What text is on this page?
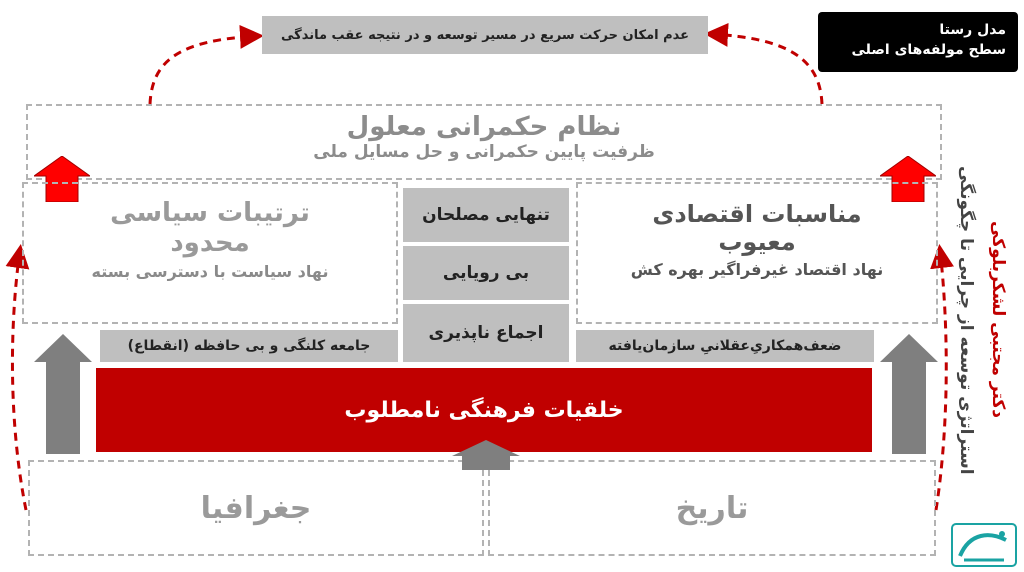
عدم امکان حرکت سریع در مسیر توسعه و در نتیجه عقب ماندگی	مدل رستا
سطح مولفه‌های اصلی
نظام حکمرانی معلول
ظرفیت پایین حکمرانی و حل مسایل ملی
ترتیبات سیاسی
محدود
نهاد سیاست با دسترسی بسته
مناسبات اقتصادی
معیوب
نهاد اقتصاد غیرفراگیر بهره کش
تنهایی مصلحان
بی رویایی
اجماع ناپذیری
جامعه کلنگی و بی حافظه (انقطاع)	ضعف‌همکاریِ‌عقلانیِ سازمان‌یافته
خلقیات فرهنگی نامطلوب
جغرافیا	تاریخ
استراتژی توسعه از چرایی تا چگونگی دکتر مجتبی لشکربلوکی
